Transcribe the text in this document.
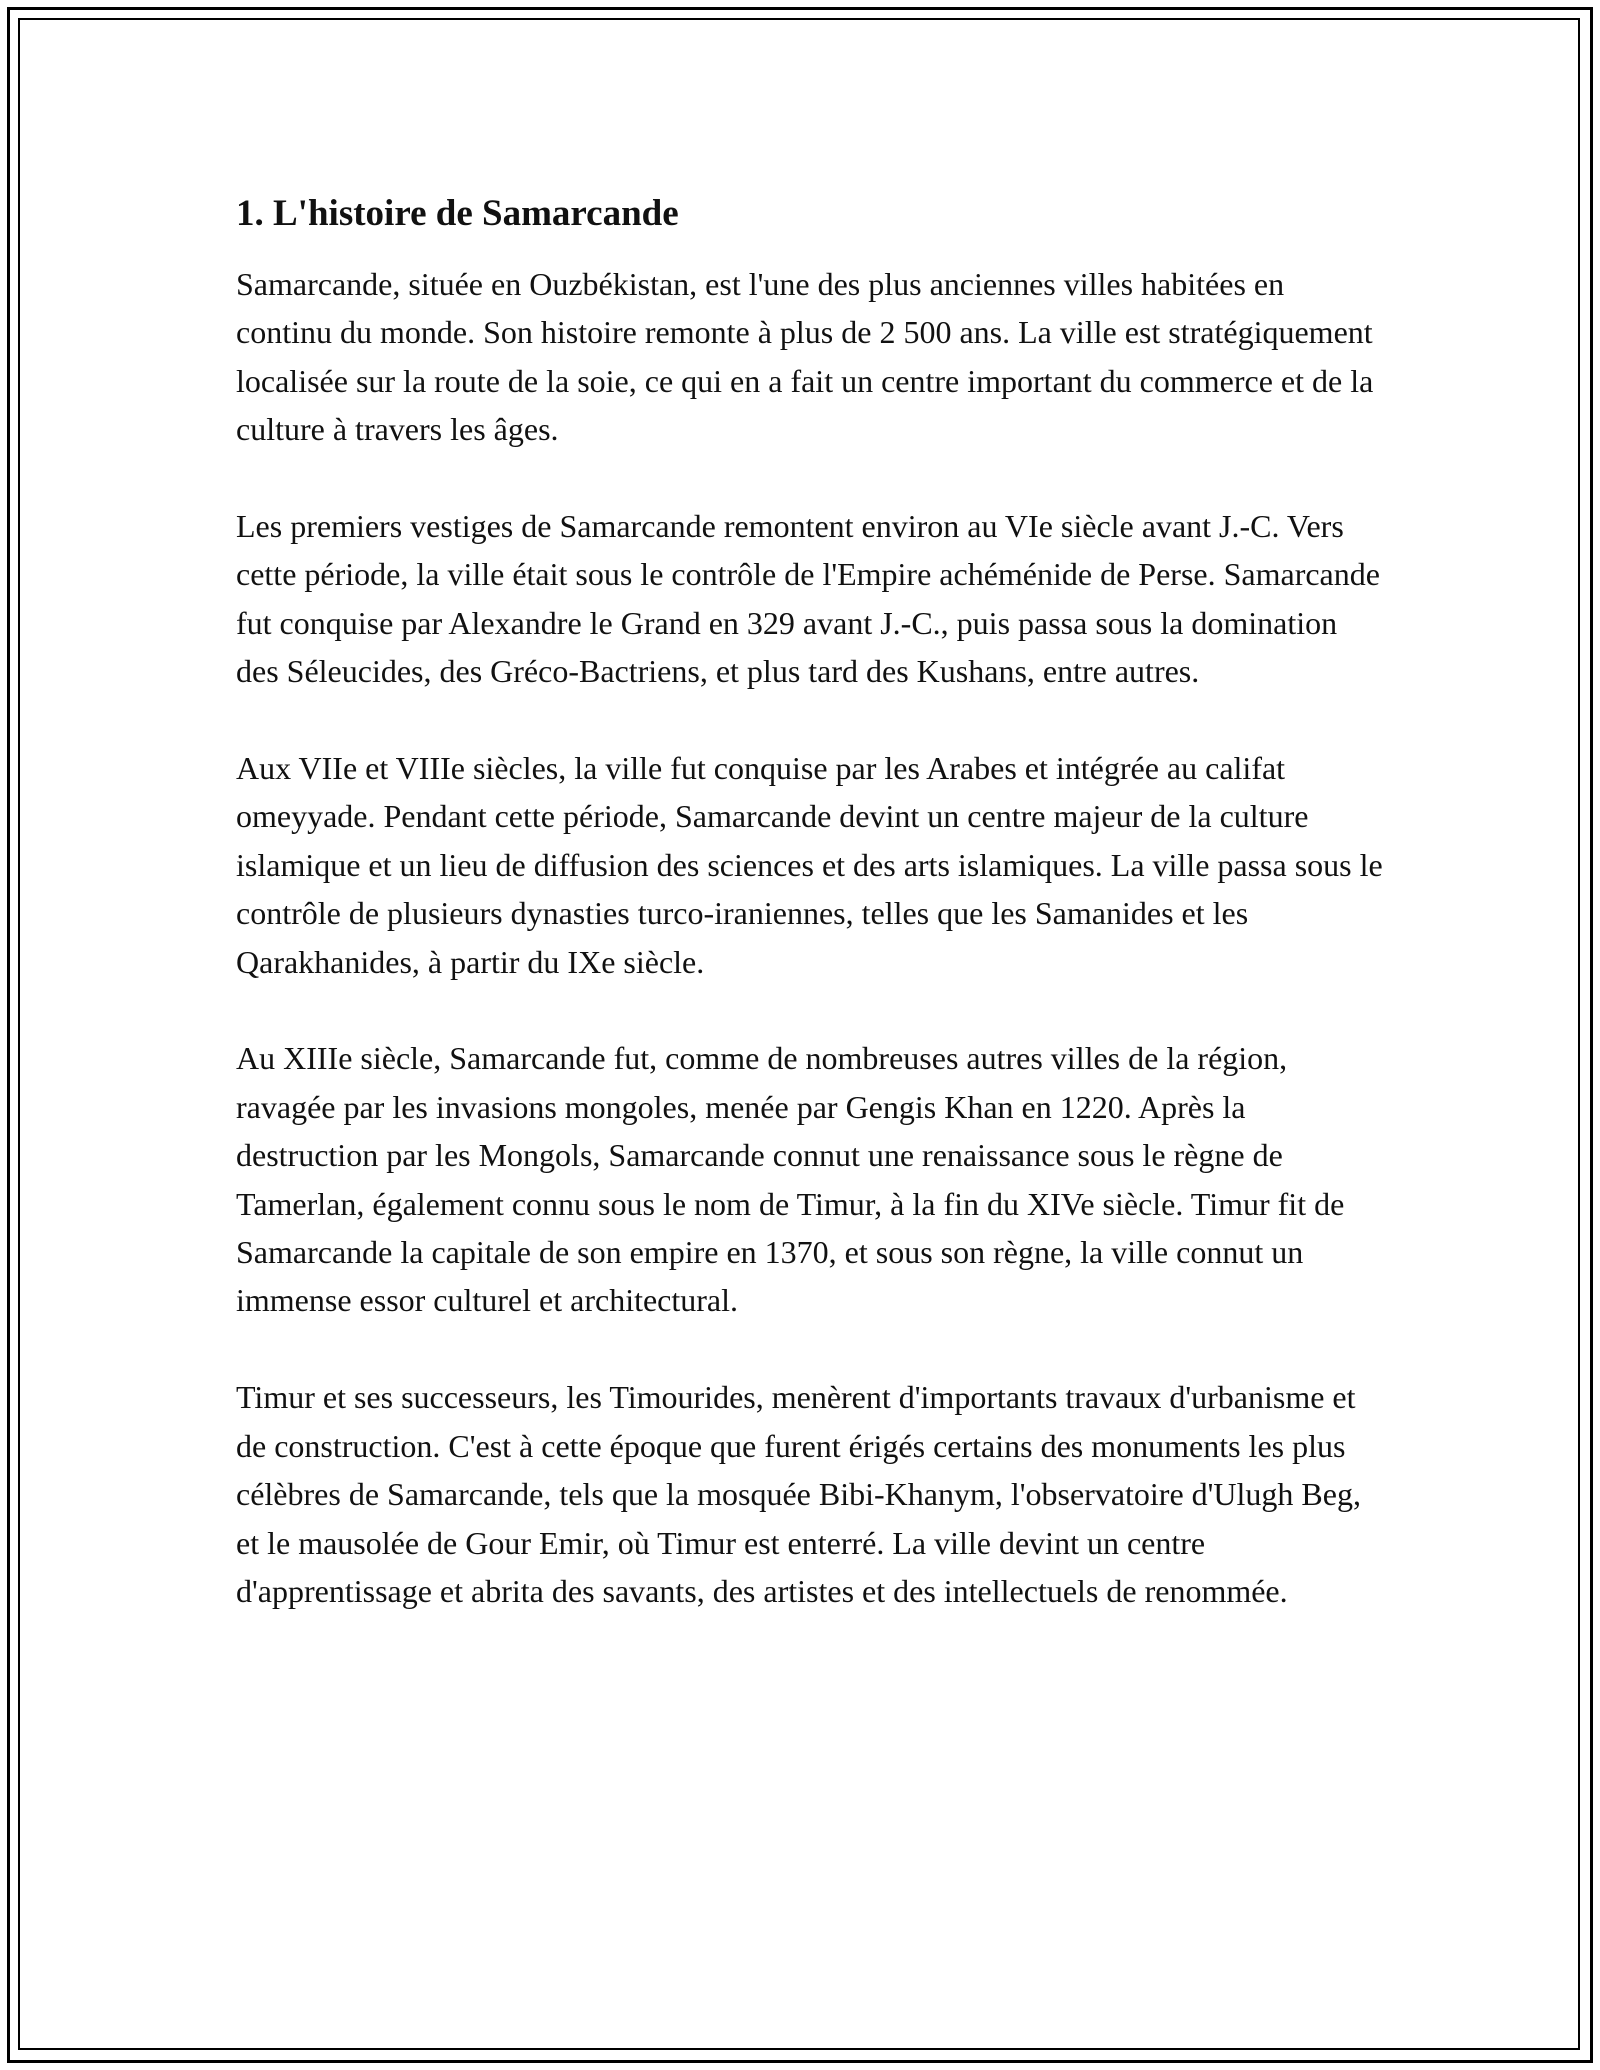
1. L'histoire de Samarcande

Samarcande, située en Ouzbékistan, est l'une des plus anciennes villes habitées en continu du monde. Son histoire remonte à plus de 2 500 ans. La ville est stratégiquement localisée sur la route de la soie, ce qui en a fait un centre important du commerce et de la culture à travers les âges.

Les premiers vestiges de Samarcande remontent environ au VIe siècle avant J.-C. Vers cette période, la ville était sous le contrôle de l'Empire achéménide de Perse. Samarcande fut conquise par Alexandre le Grand en 329 avant J.-C., puis passa sous la domination des Séleucides, des Gréco-Bactriens, et plus tard des Kushans, entre autres.

Aux VIIe et VIIIe siècles, la ville fut conquise par les Arabes et intégrée au califat omeyyade. Pendant cette période, Samarcande devint un centre majeur de la culture islamique et un lieu de diffusion des sciences et des arts islamiques. La ville passa sous le contrôle de plusieurs dynasties turco-iraniennes, telles que les Samanides et les Qarakhanides, à partir du IXe siècle.

Au XIIIe siècle, Samarcande fut, comme de nombreuses autres villes de la région, ravagée par les invasions mongoles, menée par Gengis Khan en 1220. Après la destruction par les Mongols, Samarcande connut une renaissance sous le règne de Tamerlan, également connu sous le nom de Timur, à la fin du XIVe siècle. Timur fit de Samarcande la capitale de son empire en 1370, et sous son règne, la ville connut un immense essor culturel et architectural.

Timur et ses successeurs, les Timourides, menèrent d'importants travaux d'urbanisme et de construction. C'est à cette époque que furent érigés certains des monuments les plus célèbres de Samarcande, tels que la mosquée Bibi-Khanym, l'observatoire d'Ulugh Beg, et le mausolée de Gour Emir, où Timur est enterré. La ville devint un centre d'apprentissage et abrita des savants, des artistes et des intellectuels de renommée.
